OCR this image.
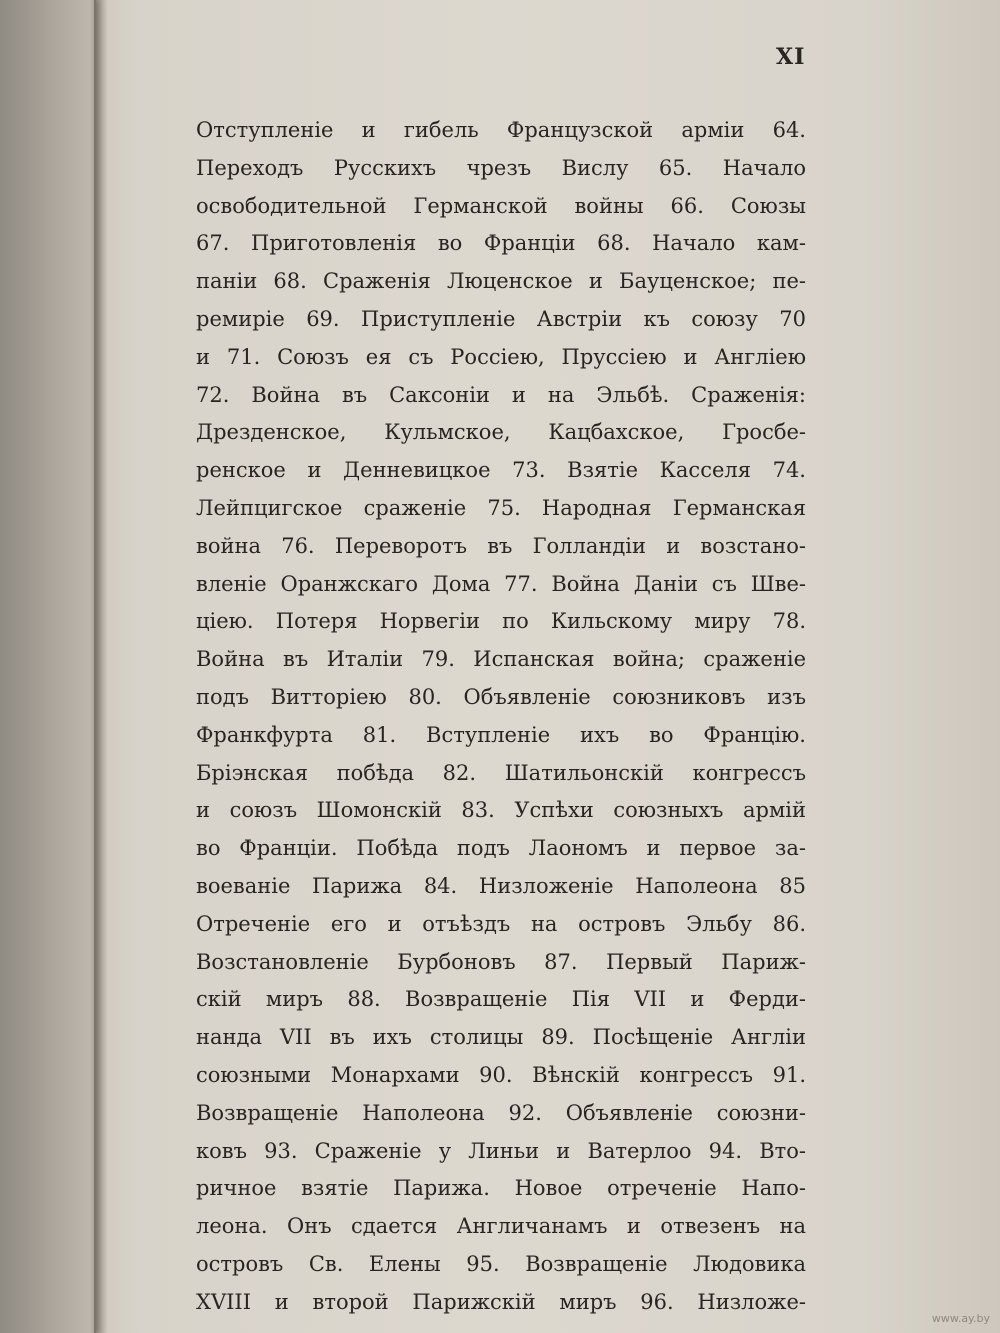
XI
Отступленіе и гибель Французской арміи 64.
Переходъ Русскихъ чрезъ Вислу 65. Начало
освободительной Германской войны 66. Союзы
67. Приготовленія во Франціи 68. Начало кам-
паніи 68. Сраженія Люценское и Бауценское; пе-
ремиріе 69. Приступленіе Австріи къ союзу 70
и 71. Союзъ ея съ Россіею, Пруссіею и Англіею
72. Война въ Саксоніи и на Эльбѣ. Сраженія:
Дрезденское, Кульмское, Кацбахское, Гросбе-
ренское и Денневицкое 73. Взятіе Касселя 74.
Лейпцигское сраженіе 75. Народная Германская
война 76. Переворотъ въ Голландіи и возстано-
вленіе Оранжскаго Дома 77. Война Даніи съ Шве-
ціею. Потеря Норвегіи по Кильскому миру 78.
Война въ Италіи 79. Испанская война; сраженіе
подъ Витторіею 80. Объявленіе союзниковъ изъ
Франкфурта 81. Вступленіе ихъ во Францію.
Бріэнская побѣда 82. Шатильонскій конгрессъ
и союзъ Шомонскій 83. Успѣхи союзныхъ армій
во Франціи. Побѣда подъ Лаономъ и первое за-
воеваніе Парижа 84. Низложеніе Наполеона 85
Отреченіе его и отъѣздъ на островъ Эльбу 86.
Возстановленіе Бурбоновъ 87. Первый Париж-
скій миръ 88. Возвращеніе Пія VII и Ферди-
нанда VII въ ихъ столицы 89. Посѣщеніе Англіи
союзными Монархами 90. Вѣнскій конгрессъ 91.
Возвращеніе Наполеона 92. Объявленіе союзни-
ковъ 93. Сраженіе у Линьи и Ватерлоо 94. Вто-
ричное взятіе Парижа. Новое отреченіе Напо-
леона. Онъ сдается Англичанамъ и отвезенъ на
островъ Св. Елены 95. Возвращеніе Людовика
XVIII и второй Парижскій миръ 96. Низложе-
www.ay.by
